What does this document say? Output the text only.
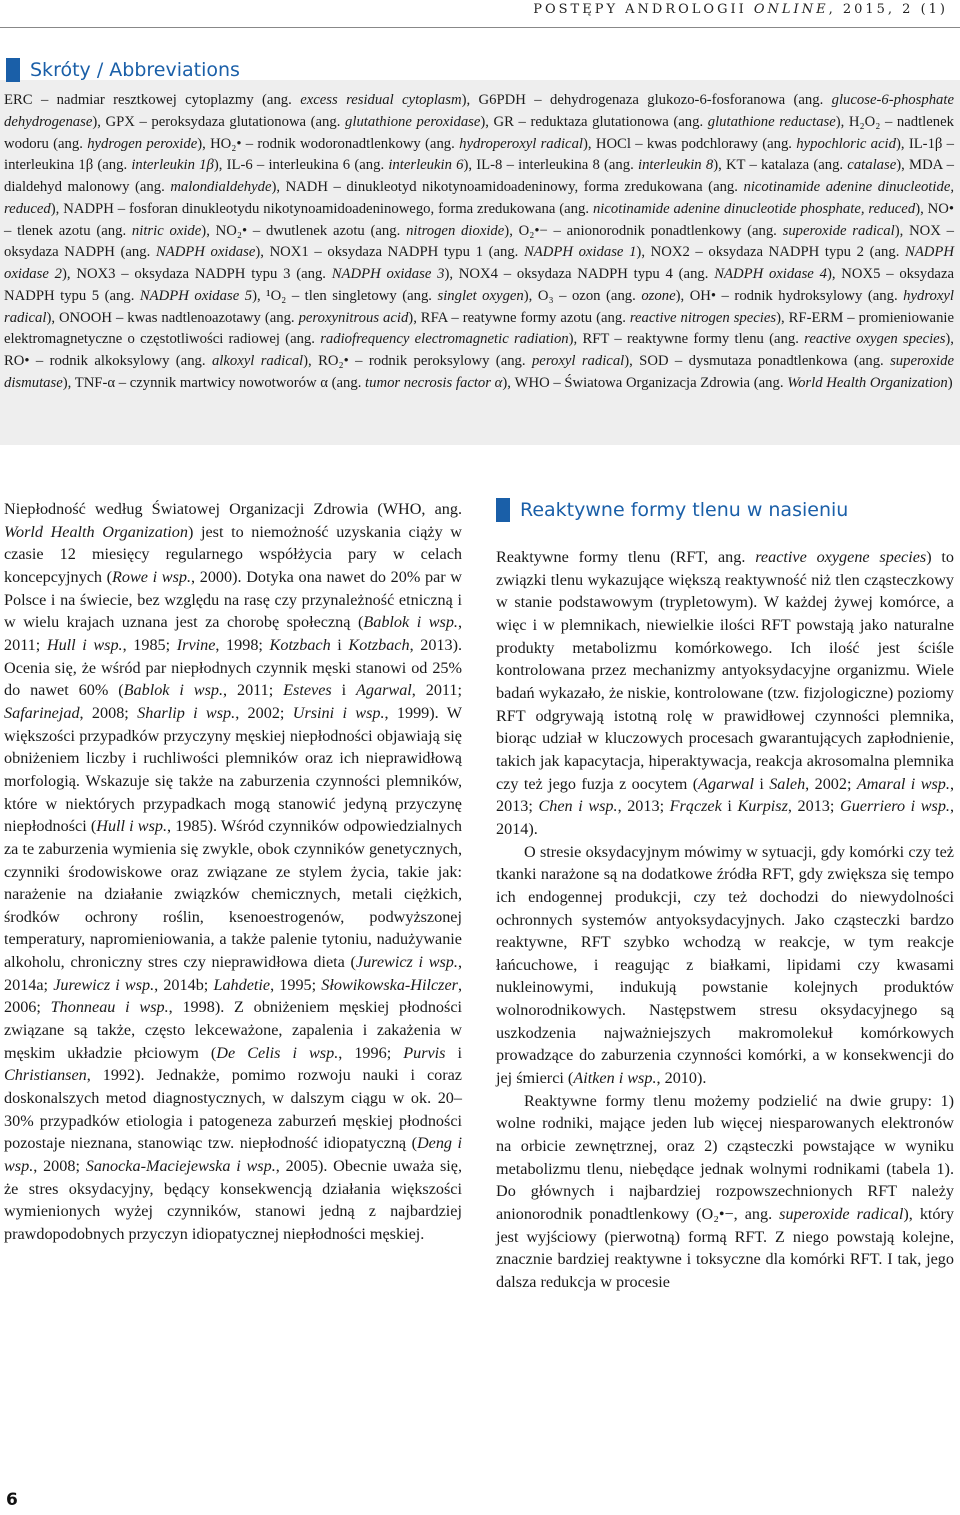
POSTĘPY ANDROLOGII ONLINE, 2015, 2 (1)
Skróty / Abbreviations

ERC – nadmiar resztkowej cytoplazmy (ang. excess residual cytoplasm), G6PDH – dehydrogenaza glukozo-6-fosforanowa (ang. glucose-6-phosphate dehydrogenase), GPX – peroksydaza glutationowa (ang. glutathione peroxidase), GR – reduktaza glutationowa (ang. glutathione reductase), H₂O₂ – nadtlenek wodoru (ang. hydrogen peroxide), HO₂• – rodnik wodoronadtlenkowy (ang. hydroperoxyl radical), HOCl – kwas podchlorawy (ang. hypochloric acid), IL-1β – interleukina 1β (ang. interleukin 1β), IL-6 – interleukina 6 (ang. interleukin 6), IL-8 – interleukina 8 (ang. interleukin 8), KT – katalaza (ang. catalase), MDA – dialdehyd malonowy (ang. malondialdehyde), NADH – dinukleotyd nikotynoamidoadeninowy, forma zredukowana (ang. nicotinamide adenine dinucleotide, reduced), NADPH – fosforan dinukleotydu nikotynoamidoadeninowego, forma zredukowana (ang. nicotinamide adenine dinucleotide phosphate, reduced), NO• – tlenek azotu (ang. nitric oxide), NO₂• – dwutlenek azotu (ang. nitrogen dioxide), O₂•− – anionorodnik ponadtlenkowy (ang. superoxide radical), NOX – oksydaza NADPH (ang. NADPH oxidase), NOX1 – oksydaza NADPH typu 1 (ang. NADPH oxidase 1), NOX2 – oksydaza NADPH typu 2 (ang. NADPH oxidase 2), NOX3 – oksydaza NADPH typu 3 (ang. NADPH oxidase 3), NOX4 – oksydaza NADPH typu 4 (ang. NADPH oxidase 4), NOX5 – oksydaza NADPH typu 5 (ang. NADPH oxidase 5), ¹O₂ – tlen singletowy (ang. singlet oxygen), O₃ – ozon (ang. ozone), OH• – rodnik hydroksylowy (ang. hydroxyl radical), ONOOH – kwas nadtlenoazotawy (ang. peroxynitrous acid), RFA – reatywne formy azotu (ang. reactive nitrogen species), RF-ERM – promieniowanie elektromagnetyczne o częstotliwości radiowej (ang. radiofrequency electromagnetic radiation), RFT – reaktywne formy tlenu (ang. reactive oxygen species), RO• – rodnik alkoksylowy (ang. alkoxyl radical), RO₂• – rodnik peroksylowy (ang. peroxyl radical), SOD – dysmutaza ponadtlenkowa (ang. superoxide dismutase), TNF-α – czynnik martwicy nowotworów α (ang. tumor necrosis factor α), WHO – Światowa Organizacja Zdrowia (ang. World Health Organization)

Niepłodność według Światowej Organizacji Zdrowia (WHO, ang. World Health Organization) jest to niemożność uzyskania ciąży w czasie 12 miesięcy regularnego współżycia pary w celach koncepcyjnych (Rowe i wsp., 2000). Dotyka ona nawet do 20% par w Polsce i na świecie, bez względu na rasę czy przynależność etniczną i w wielu krajach uznana jest za chorobę społeczną (Bablok i wsp., 2011; Hull i wsp., 1985; Irvine, 1998; Kotzbach i Kotzbach, 2013). Ocenia się, że wśród par niepłodnych czynnik męski stanowi od 25% do nawet 60% (Bablok i wsp., 2011; Esteves i Agarwal, 2011; Safarinejad, 2008; Sharlip i wsp., 2002; Ursini i wsp., 1999). W większości przypadków przyczyny męskiej niepłodności objawiają się obniżeniem liczby i ruchliwości plemników oraz ich nieprawidłową morfologią. Wskazuje się także na zaburzenia czynności plemników, które w niektórych przypadkach mogą stanowić jedyną przyczynę niepłodności (Hull i wsp., 1985). Wśród czynników odpowiedzialnych za te zaburzenia wymienia się zwykle, obok czynników genetycznych, czynniki środowiskowe oraz związane ze stylem życia, takie jak: narażenie na działanie związków chemicznych, metali ciężkich, środków ochrony roślin, ksenoestrogenów, podwyższonej temperatury, napromieniowania, a także palenie tytoniu, nadużywanie alkoholu, chroniczny stres czy nieprawidłowa dieta (Jurewicz i wsp., 2014a; Jurewicz i wsp., 2014b; Lahdetie, 1995; Słowikowska-Hilczer, 2006; Thonneau i wsp., 1998). Z obniżeniem męskiej płodności związane są także, często lekceważone, zapalenia i zakażenia w męskim układzie płciowym (De Celis i wsp., 1996; Purvis i Christiansen, 1992). Jednakże, pomimo rozwoju nauki i coraz doskonalszych metod diagnostycznych, w dalszym ciągu w ok. 20–30% przypadków etiologia i patogeneza zaburzeń męskiej płodności pozostaje nieznana, stanowiąc tzw. niepłodność idiopatyczną (Deng i wsp., 2008; Sanocka-Maciejewska i wsp., 2005). Obecnie uważa się, że stres oksydacyjny, będący konsekwencją działania większości wymienionych wyżej czynników, stanowi jedną z najbardziej prawdopodobnych przyczyn idiopatycznej niepłodności męskiej.

Reaktywne formy tlenu w nasieniu

Reaktywne formy tlenu (RFT, ang. reactive oxygene species) to związki tlenu wykazujące większą reaktywność niż tlen cząsteczkowy w stanie podstawowym (trypletowym). W każdej żywej komórce, a więc i w plemnikach, niewielkie ilości RFT powstają jako naturalne produkty metabolizmu komórkowego. Ich ilość jest ściśle kontrolowana przez mechanizmy antyoksydacyjne organizmu. Wiele badań wykazało, że niskie, kontrolowane (tzw. fizjologiczne) poziomy RFT odgrywają istotną rolę w prawidłowej czynności plemnika, biorąc udział w kluczowych procesach gwarantujących zapłodnienie, takich jak kapacytacja, hiperaktywacja, reakcja akrosomalna plemnika czy też jego fuzja z oocytem (Agarwal i Saleh, 2002; Amaral i wsp., 2013; Chen i wsp., 2013; Frączek i Kurpisz, 2013; Guerriero i wsp., 2014).

O stresie oksydacyjnym mówimy w sytuacji, gdy komórki czy też tkanki narażone są na dodatkowe źródła RFT, gdy zwiększa się tempo ich endogennej produkcji, czy też dochodzi do niewydolności ochronnych systemów antyoksydacyjnych. Jako cząsteczki bardzo reaktywne, RFT szybko wchodzą w reakcje, w tym reakcje łańcuchowe, i reagując z białkami, lipidami czy kwasami nukleinowymi, indukują powstanie kolejnych produktów wolnorodnikowych. Następstwem stresu oksydacyjnego są uszkodzenia najważniejszych makromolekuł komórkowych prowadzące do zaburzenia czynności komórki, a w konsekwencji do jej śmierci (Aitken i wsp., 2010).

Reaktywne formy tlenu możemy podzielić na dwie grupy: 1) wolne rodniki, mające jeden lub więcej niesparowanych elektronów na orbicie zewnętrznej, oraz 2) cząsteczki powstające w wyniku metabolizmu tlenu, niebędące jednak wolnymi rodnikami (tabela 1). Do głównych i najbardziej rozpowszechnionych RFT należy anionorodnik ponadtlenkowy (O₂•−, ang. superoxide radical), który jest wyjściowy (pierwotną) formą RFT. Z niego powstają kolejne, znacznie bardziej reaktywne i toksyczne dla komórki RFT. I tak, jego dalsza redukcja w procesie

6
